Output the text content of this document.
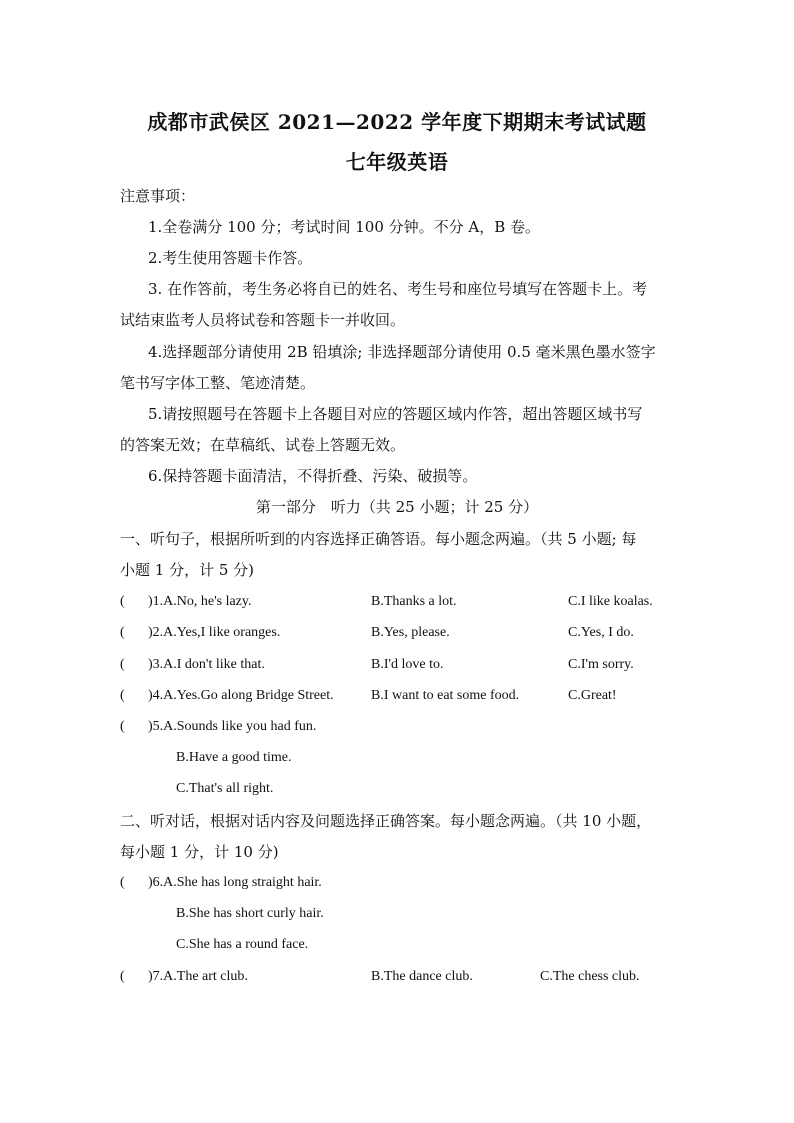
成都市武侯区 2021—2022 学年度下期期末考试试题
七年级英语
注意事项：
1.全卷满分 100 分；考试时间 100 分钟。不分 A，B 卷。
2.考生使用答题卡作答。
3. 在作答前，考生务必将自已的姓名、考生号和座位号填写在答题卡上。考
试结束监考人员将试卷和答题卡一并收回。
4.选择题部分请使用 2B 铅填涂; 非选择题部分请使用 0.5 毫米黑色墨水签字
笔书写字体工整、笔迹清楚。
5.请按照题号在答题卡上各题目对应的答题区域内作答，超出答题区域书写
的答案无效；在草稿纸、试卷上答题无效。
6.保持答题卡面清洁，不得折叠、污染、破损等。
第一部分　听力（共 25 小题；计 25 分）
一、听句子，根据所听到的内容选择正确答语。每小题念两遍。（共 5 小题; 每
小题 1 分，计 5 分)
( )1.A.No, he's lazy.	B.Thanks a lot.	C.I like koalas.
( )2.A.Yes,I like oranges.	B.Yes, please.	C.Yes, I do.
( )3.A.I don't like that.	B.I'd love to.	C.I'm sorry.
( )4.A.Yes.Go along Bridge Street.	B.I want to eat some food.	C.Great!
( )5.A.Sounds like you had fun.
B.Have a good time.
C.That's all right.
二、听对话，根据对话内容及问题选择正确答案。每小题念两遍。（共 10 小题，
每小题 1 分，计 10 分)
( )6.A.She has long straight hair.
B.She has short curly hair.
C.She has a round face.
( )7.A.The art club.	B.The dance club.	C.The chess club.
